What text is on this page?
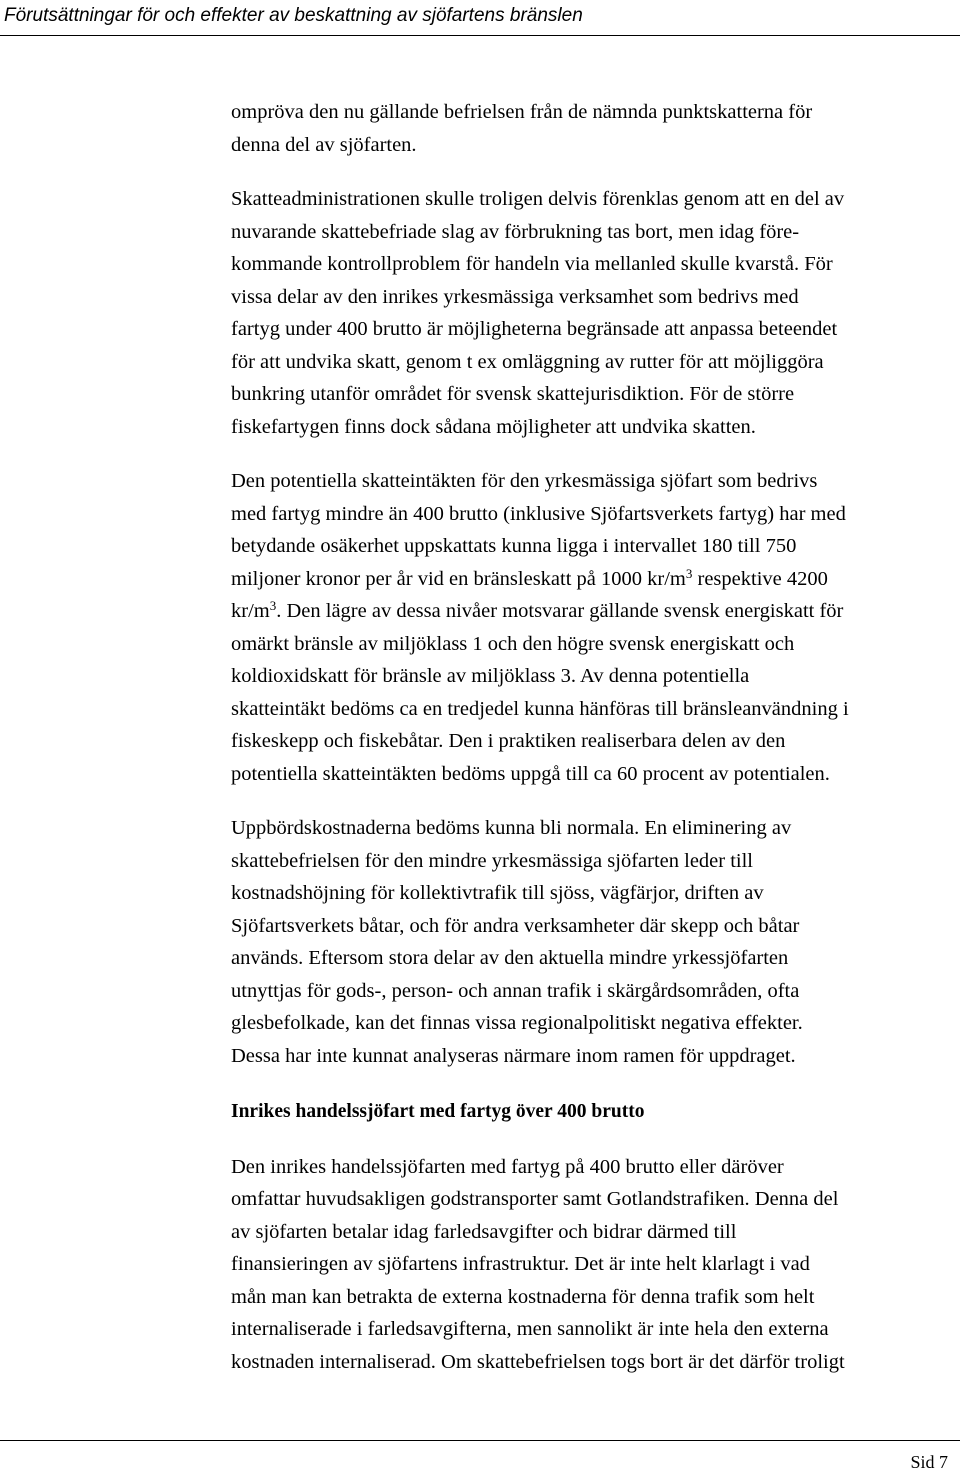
Förutsättningar för och effekter av beskattning av sjöfartens bränslen

ompröva den nu gällande befrielsen från de nämnda punktskatterna för
denna del av sjöfarten.

Skatteadministrationen skulle troligen delvis förenklas genom att en del av
nuvarande skattebefriade slag av förbrukning tas bort, men idag före-
kommande kontrollproblem för handeln via mellanled skulle kvarstå. För
vissa delar av den inrikes yrkesmässiga verksamhet som bedrivs med
fartyg under 400 brutto är möjligheterna begränsade att anpassa beteendet
för att undvika skatt, genom t ex omläggning av rutter för att möjliggöra
bunkring utanför området för svensk skattejurisdiktion. För de större
fiskefartygen finns dock sådana möjligheter att undvika skatten.

Den potentiella skatteintäkten för den yrkesmässiga sjöfart som bedrivs
med fartyg mindre än 400 brutto (inklusive Sjöfartsverkets fartyg) har med
betydande osäkerhet uppskattats kunna ligga i intervallet 180 till 750
miljoner kronor per år vid en bränsleskatt på 1000 $kr/m^3$ respektive 4200
$kr/m^3$. Den lägre av dessa nivåer motsvarar gällande svensk energiskatt för
omärkt bränsle av miljöklass 1 och den högre svensk energiskatt och
koldioxidskatt för bränsle av miljöklass 3. Av denna potentiella
skatteintäkt bedöms ca en tredjedel kunna hänföras till bränsleanvändning i
fiskeskepp och fiskebåtar. Den i praktiken realiserbara delen av den
potentiella skatteintäkten bedöms uppgå till ca 60 procent av potentialen.

Uppbördskostnaderna bedöms kunna bli normala. En eliminering av
skattebefrielsen för den mindre yrkesmässiga sjöfarten leder till
kostnadshöjning för kollektivtrafik till sjöss, vägfärjor, driften av
Sjöfartsverkets båtar, och för andra verksamheter där skepp och båtar
används. Eftersom stora delar av den aktuella mindre yrkessjöfarten
utnyttjas för gods-, person- och annan trafik i skärgårdsområden, ofta
glesbefolkade, kan det finnas vissa regionalpolitiskt negativa effekter.
Dessa har inte kunnat analyseras närmare inom ramen för uppdraget.

Inrikes handelssjöfart med fartyg över 400 brutto

Den inrikes handelssjöfarten med fartyg på 400 brutto eller däröver
omfattar huvudsakligen godstransporter samt Gotlandstrafiken. Denna del
av sjöfarten betalar idag farledsavgifter och bidrar därmed till
finansieringen av sjöfartens infrastruktur. Det är inte helt klarlagt i vad
mån man kan betrakta de externa kostnaderna för denna trafik som helt
internaliserade i farledsavgifterna, men sannolikt är inte hela den externa
kostnaden internaliserad. Om skattebefrielsen togs bort är det därför troligt

Sid 7
